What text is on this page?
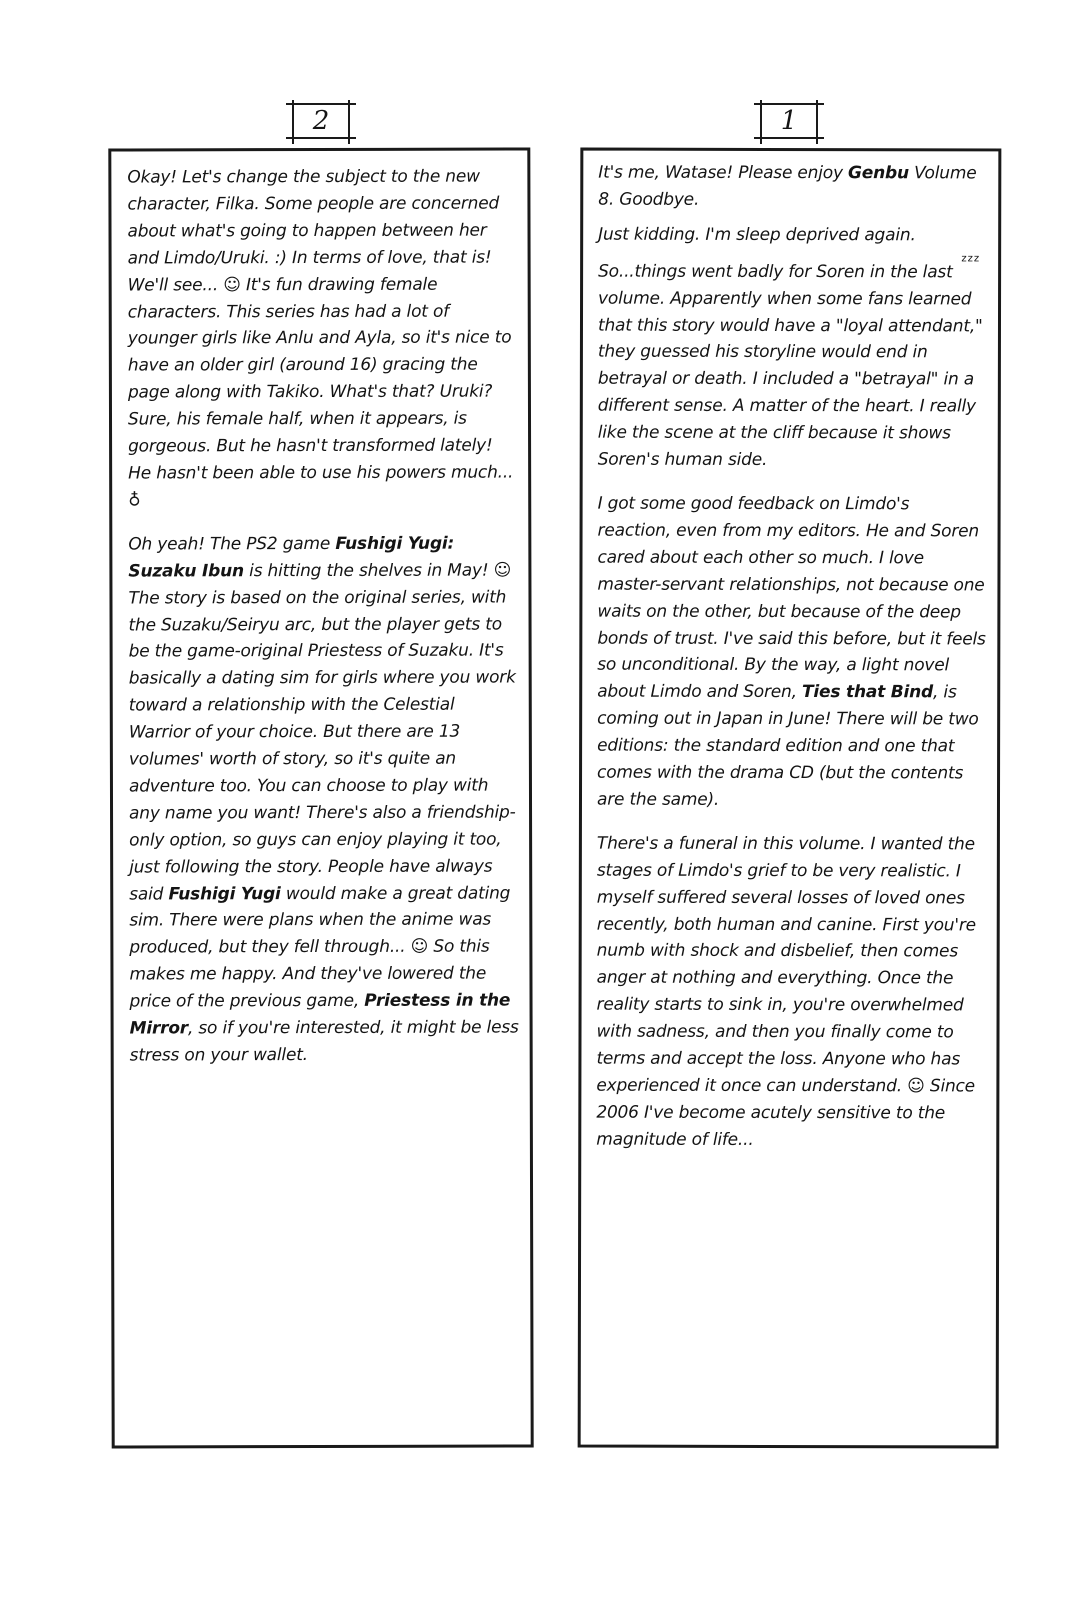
2	1

Okay! Let's change the subject to the new character, Filka. Some people are concerned about what's going to happen between her and Limdo/Uruki. :) In terms of love, that is! We'll see... ☺ It's fun drawing female characters. This series has had a lot of younger girls like Anlu and Ayla, so it's nice to have an older girl (around 16) gracing the page along with Takiko. What's that? Uruki? Sure, his female half, when it appears, is gorgeous. But he hasn't transformed lately! He hasn't been able to use his powers much... ♁

Oh yeah! The PS2 game Fushigi Yugi: Suzaku Ibun is hitting the shelves in May! ☺ The story is based on the original series, with the Suzaku/Seiryu arc, but the player gets to be the game-original Priestess of Suzaku. It's basically a dating sim for girls where you work toward a relationship with the Celestial Warrior of your choice. But there are 13 volumes' worth of story, so it's quite an adventure too. You can choose to play with any name you want! There's also a friendship-only option, so guys can enjoy playing it too, just following the story. People have always said Fushigi Yugi would make a great dating sim. There were plans when the anime was produced, but they fell through... ☺ So this makes me happy. And they've lowered the price of the previous game, Priestess in the Mirror, so if you're interested, it might be less stress on your wallet.

It's me, Watase! Please enjoy Genbu Volume 8. Goodbye.

Just kidding. I'm sleep deprived again.

So...things went badly for Soren in the last volume. Apparently when some fans learned that this story would have a "loyal attendant," they guessed his storyline would end in betrayal or death. I included a "betrayal" in a different sense. A matter of the heart. I really like the scene at the cliff because it shows Soren's human side.

I got some good feedback on Limdo's reaction, even from my editors. He and Soren cared about each other so much. I love master-servant relationships, not because one waits on the other, but because of the deep bonds of trust. I've said this before, but it feels so unconditional. By the way, a light novel about Limdo and Soren, Ties that Bind, is coming out in Japan in June! There will be two editions: the standard edition and one that comes with the drama CD (but the contents are the same).

There's a funeral in this volume. I wanted the stages of Limdo's grief to be very realistic. I myself suffered several losses of loved ones recently, both human and canine. First you're numb with shock and disbelief, then comes anger at nothing and everything. Once the reality starts to sink in, you're overwhelmed with sadness, and then you finally come to terms and accept the loss. Anyone who has experienced it once can understand. ☺ Since 2006 I've become acutely sensitive to the magnitude of life...

zzz
